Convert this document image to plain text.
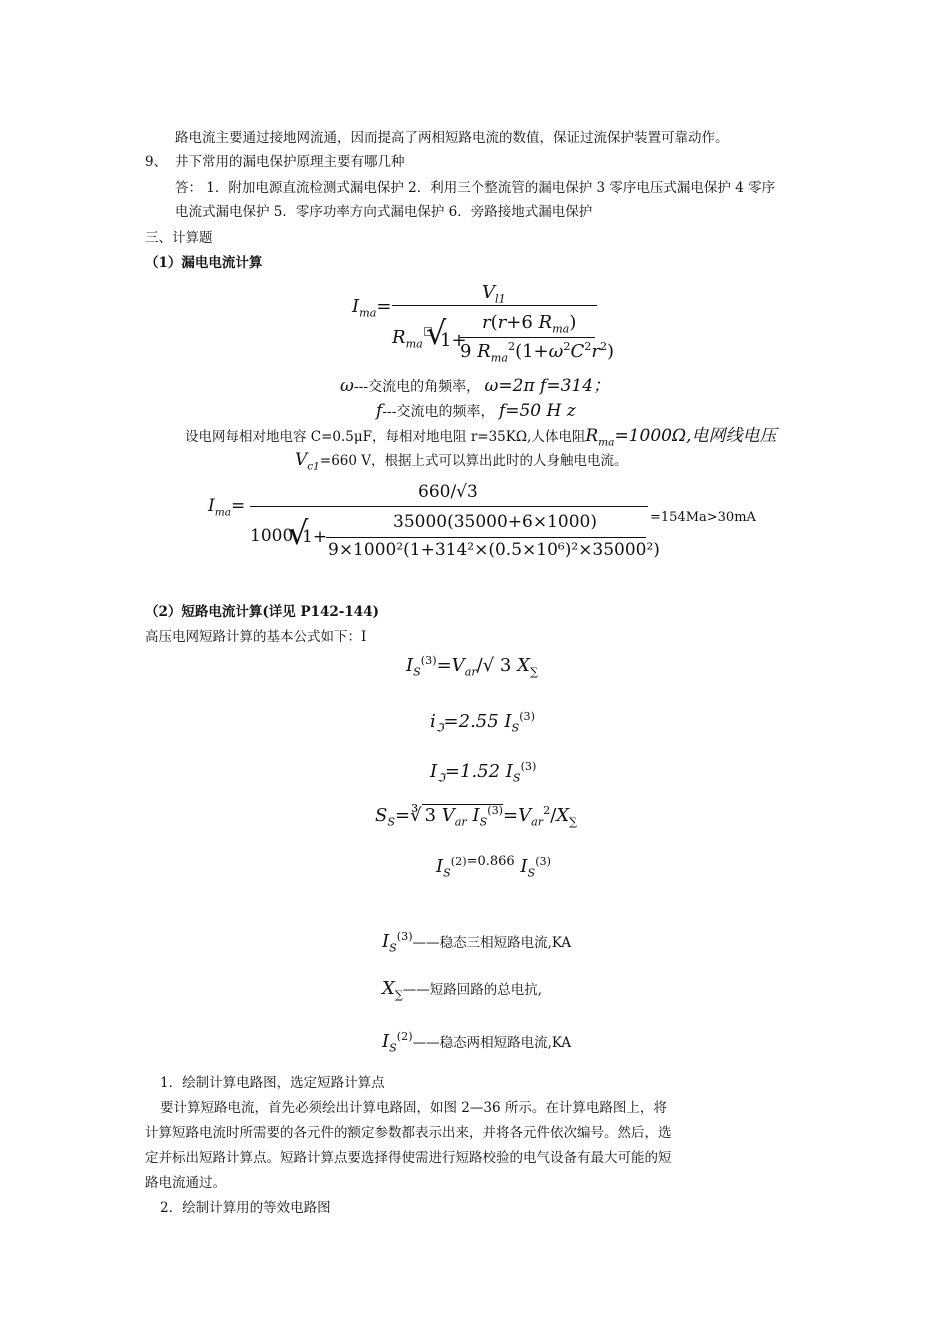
路电流主要通过接地网流通，因而提高了两相短路电流的数值，保证过流保护装置可靠动作。
9、 井下常用的漏电保护原理主要有哪几种
答： 1．附加电源直流检测式漏电保护 2．利用三个整流管的漏电保护 3 零序电压式漏电保护 4 零序
电流式漏电保护 5．零序功率方向式漏电保护 6．旁路接地式漏电保护
三、计算题
（1）漏电电流计算
$I_{ma}=$
$V_{l1}$
$R_{ma}$ √
1+
r(r+6 $R_{ma}$)
9 $R_{ma}^2(1+\omega^2C^2r^2)$
ω---交流电的角频率， ω=2π f=314；
f---交流电的频率， f=50 H z
设电网每相对地电容 C=0.5μF，每相对地电阻 r=35KΩ,人体电阻$R_{ma}=1000\Omega$,电网线电压
$V_{c1}=660$ V，根据上式可以算出此时的人身触电电流。
$I_{ma}=$
660/√3
1000
√
1+
35000(35000+6×1000)
9×1000²(1+314²×(0.5×10⁶)²×35000²)
=154Ma>30mA
（2）短路电流计算(详见 P142-144)
高压电网短路计算的基本公式如下：I
$I_S^{(3)}=V_{ar}/√$ 3 $X_\sum$
$i_ℑ=2.55$ $I_S^{(3)}$
$I_ℑ=1.52$ $I_S^{(3)}$
$S_S=∛$ 3 $V_{ar}$ $I_S^{(3)}=V_{ar}^2/X_\sum$
$I_S^{(2)=0.866}$ $I_S^{(3)}$
$I_S^{(3)}——$稳态三相短路电流,KA
$X_\sum——$短路回路的总电抗,
$I_S^{(2)}——$稳态两相短路电流,KA
1．绘制计算电路图，选定短路计算点
要计算短路电流，首先必须绘出计算电路固，如图 2—36 所示。在计算电路图上，将
计算短路电流时所需要的各元件的额定参数都表示出来，并将各元件依次编号。然后，选
定并标出短路计算点。短路计算点要选择得使需进行短路校验的电气设备有最大可能的短
路电流通过。
2．绘制计算用的等效电路图
